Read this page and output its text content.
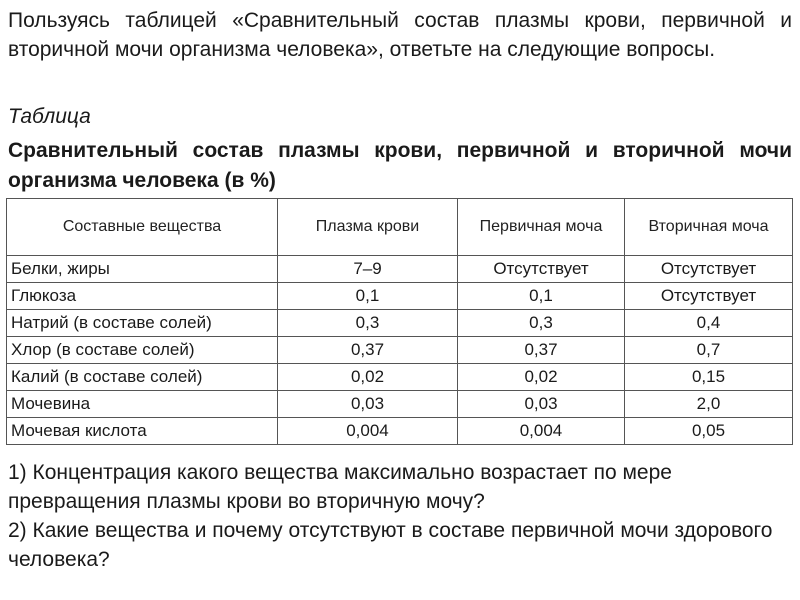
Пользуясь таблицей «Сравнительный состав плазмы крови, первичной и вторичной мочи организма человека», ответьте на следующие вопросы.

Таблица

Сравнительный состав плазмы крови, первичной и вторичной мочи организма человека (в %)

Составные вещества	Плазма крови	Первичная моча	Вторичная моча
Белки, жиры	7–9	Отсутствует	Отсутствует
Глюкоза	0,1	0,1	Отсутствует
Натрий (в составе солей)	0,3	0,3	0,4
Хлор (в составе солей)	0,37	0,37	0,7
Калий (в составе солей)	0,02	0,02	0,15
Мочевина	0,03	0,03	2,0
Мочевая кислота	0,004	0,004	0,05

1) Концентрация какого вещества максимально возрастает по мере превращения плазмы крови во вторичную мочу?

2) Какие вещества и почему отсутствуют в составе первичной мочи здорового человека?
